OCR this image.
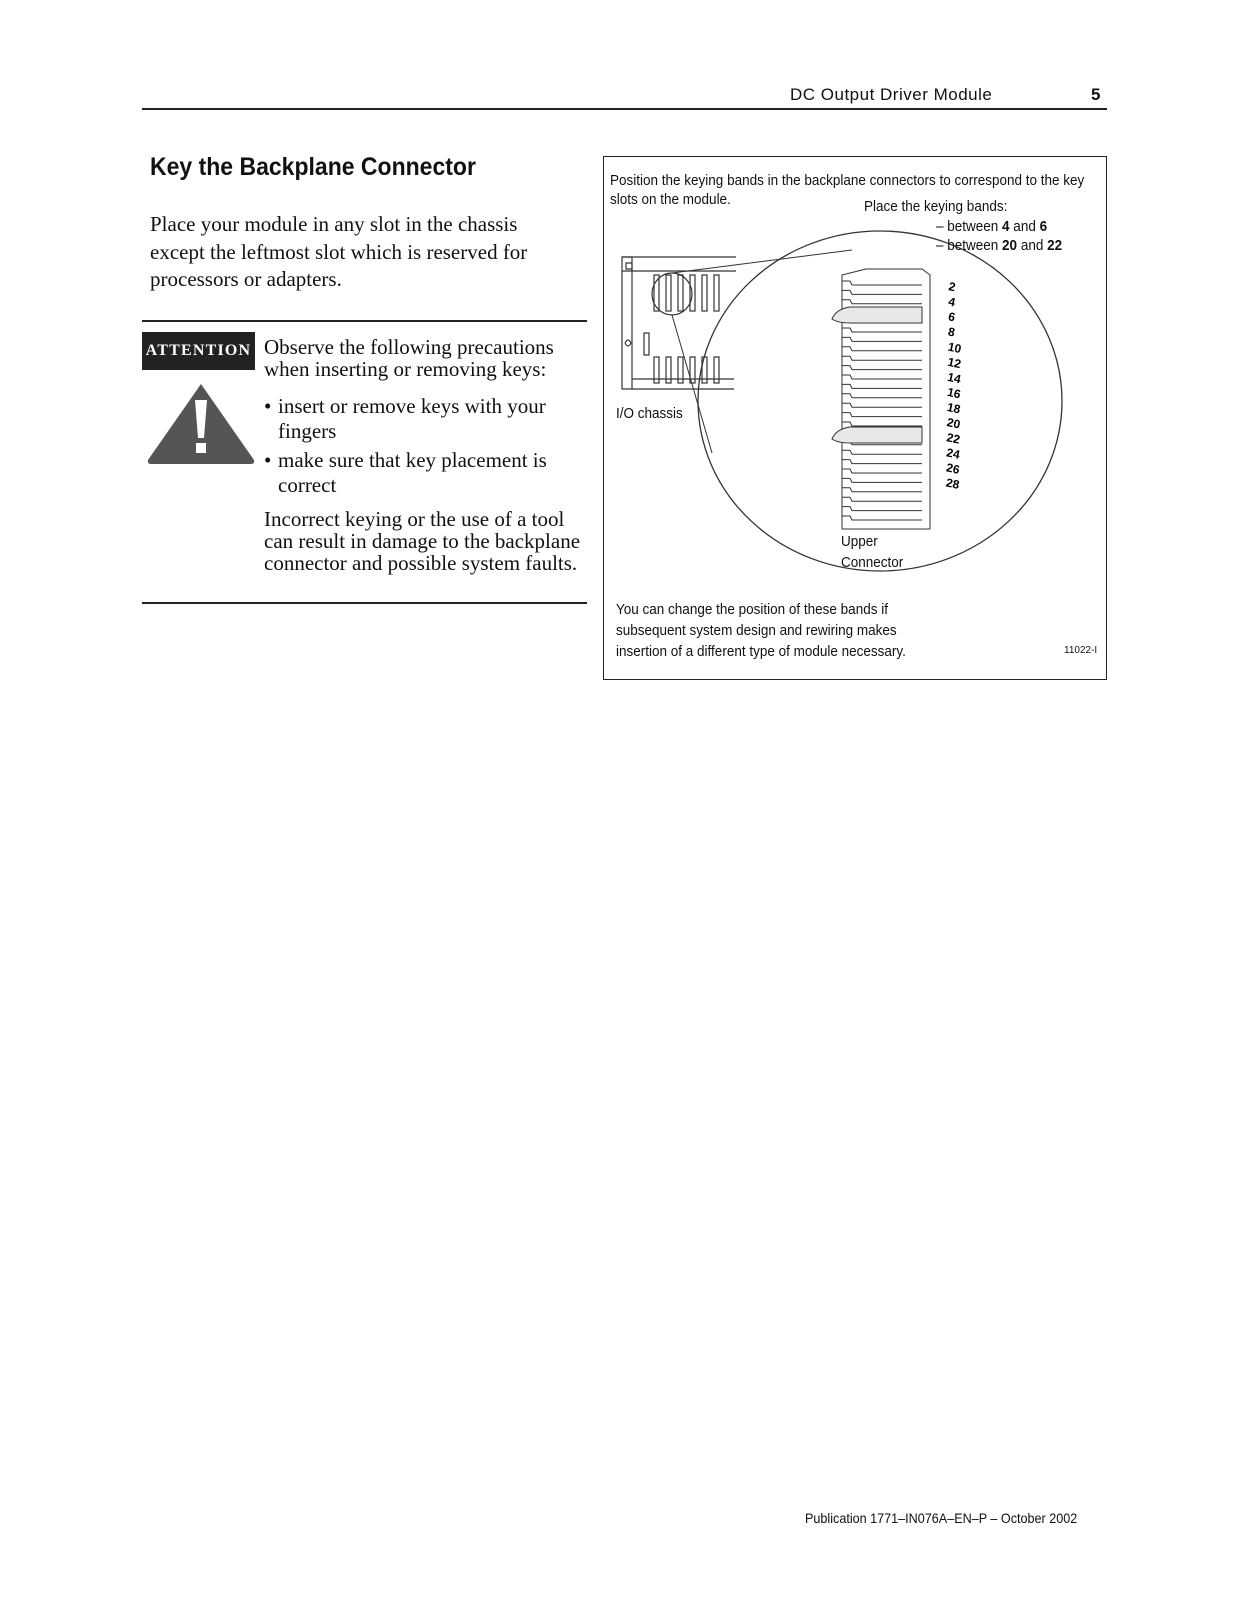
DC Output Driver Module	5
Key the Backplane Connector

Place your module in any slot in the chassis except the leftmost slot which is reserved for processors or adapters.

ATTENTION Observe the following precautions when inserting or removing keys:

• insert or remove keys with your fingers
• make sure that key placement is correct

Incorrect keying or the use of a tool can result in damage to the backplane connector and possible system faults.

2
4
6
8
10
12
14
16
18
20
22
24
26
28
Position the keying bands in the backplane connectors to correspond to the key slots on the module.	Place the keying bands:
– between 4 and 6
– between 20 and 22
I/O chassis
Upper
Connector
You can change the position of these bands if subsequent system design and rewiring makes insertion of a different type of module necessary.	11022-I
Publication 1771–IN076A–EN–P – October 2002
